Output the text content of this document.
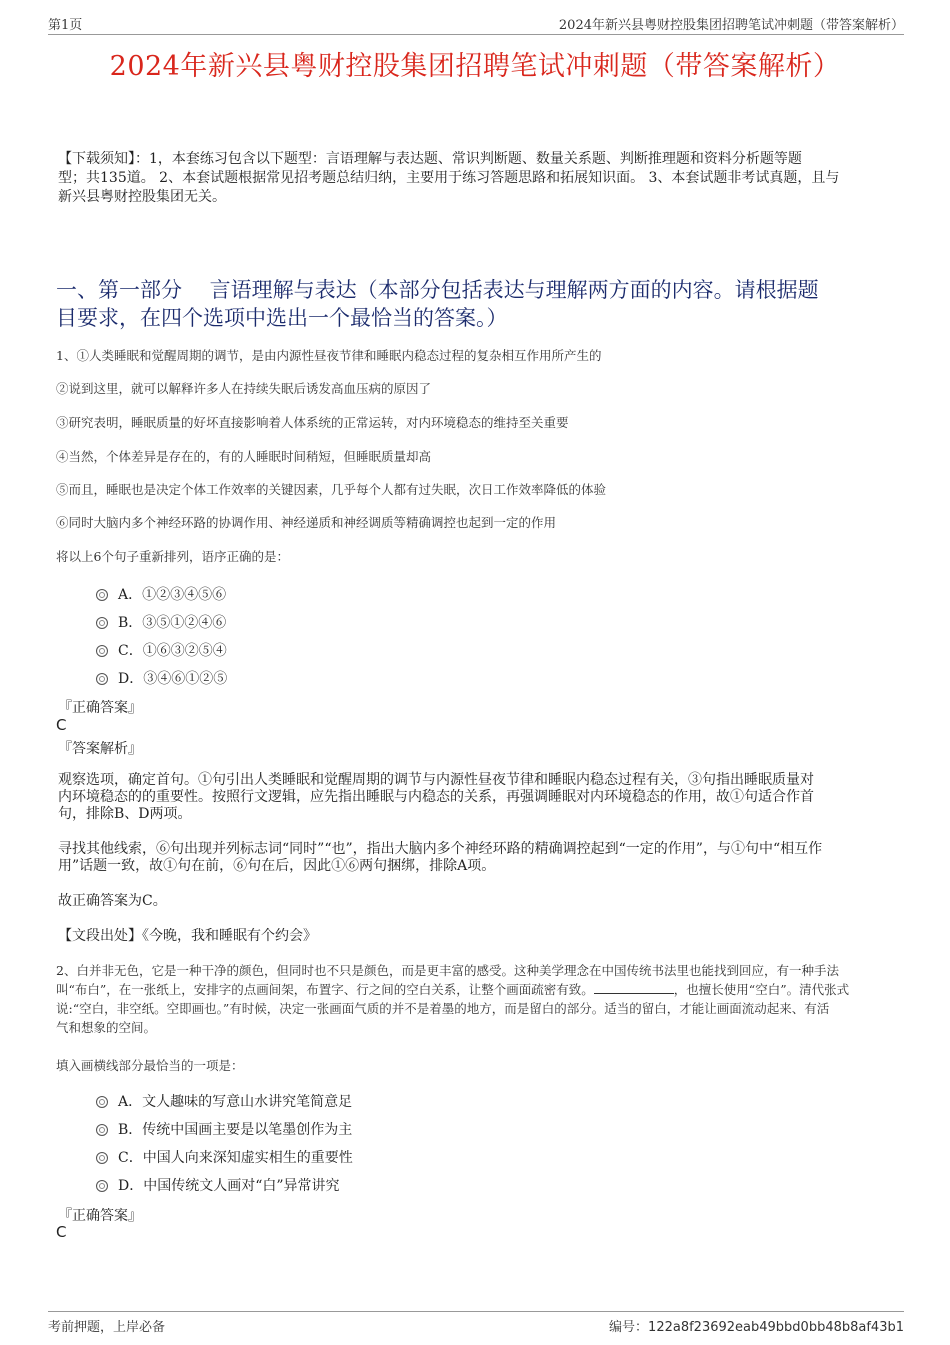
第1页	2024年新兴县粤财控股集团招聘笔试冲刺题（带答案解析）
2024年新兴县粤财控股集团招聘笔试冲刺题（带答案解析）
【下载须知】：1，本套练习包含以下题型：言语理解与表达题、常识判断题、数量关系题、判断推理题和资料分析题等题
型；共135道。 2、本套试题根据常见招考题总结归纳，主要用于练习答题思路和拓展知识面。 3、本套试题非考试真题，且与
新兴县粤财控股集团无关。
一、第一部分　 言语理解与表达（本部分包括表达与理解两方面的内容。请根据题
目要求，在四个选项中选出一个最恰当的答案。）
1、①人类睡眠和觉醒周期的调节，是由内源性昼夜节律和睡眠内稳态过程的复杂相互作用所产生的
②说到这里，就可以解释许多人在持续失眠后诱发高血压病的原因了
③研究表明，睡眠质量的好坏直接影响着人体系统的正常运转，对内环境稳态的维持至关重要
④当然，个体差异是存在的，有的人睡眠时间稍短，但睡眠质量却高
⑤而且，睡眠也是决定个体工作效率的关键因素，几乎每个人都有过失眠，次日工作效率降低的体验
⑥同时大脑内多个神经环路的协调作用、神经递质和神经调质等精确调控也起到一定的作用
将以上6个句子重新排列，语序正确的是：
A．①②③④⑤⑥
B．③⑤①②④⑥
C．①⑥③②⑤④
D．③④⑥①②⑤
『正确答案』
C
『答案解析』
观察选项，确定首句。①句引出人类睡眠和觉醒周期的调节与内源性昼夜节律和睡眠内稳态过程有关，③句指出睡眠质量对
内环境稳态的的重要性。按照行文逻辑，应先指出睡眠与内稳态的关系，再强调睡眠对内环境稳态的作用，故①句适合作首
句，排除B、D两项。
寻找其他线索，⑥句出现并列标志词“同时”“也”，指出大脑内多个神经环路的精确调控起到“一定的作用”，与①句中“相互作
用”话题一致，故①句在前，⑥句在后，因此①⑥两句捆绑，排除A项。
故正确答案为C。
【文段出处】《今晚，我和睡眠有个约会》
2、白并非无色，它是一种干净的颜色，但同时也不只是颜色，而是更丰富的感受。这种美学理念在中国传统书法里也能找到回应，有一种手法
叫“布白”，在一张纸上，安排字的点画间架，布置字、行之间的空白关系，让整个画面疏密有致。	，也擅长使用“空白”。清代张式
说:“空白，非空纸。空即画也。”有时候，决定一张画面气质的并不是着墨的地方，而是留白的部分。适当的留白，才能让画面流动起来、有活
气和想象的空间。
填入画横线部分最恰当的一项是：
A．文人趣味的写意山水讲究笔简意足
B．传统中国画主要是以笔墨创作为主
C．中国人向来深知虚实相生的重要性
D．中国传统文人画对“白”异常讲究
『正确答案』
C
考前押题，上岸必备	编号：122a8f23692eab49bbd0bb48b8af43b1
